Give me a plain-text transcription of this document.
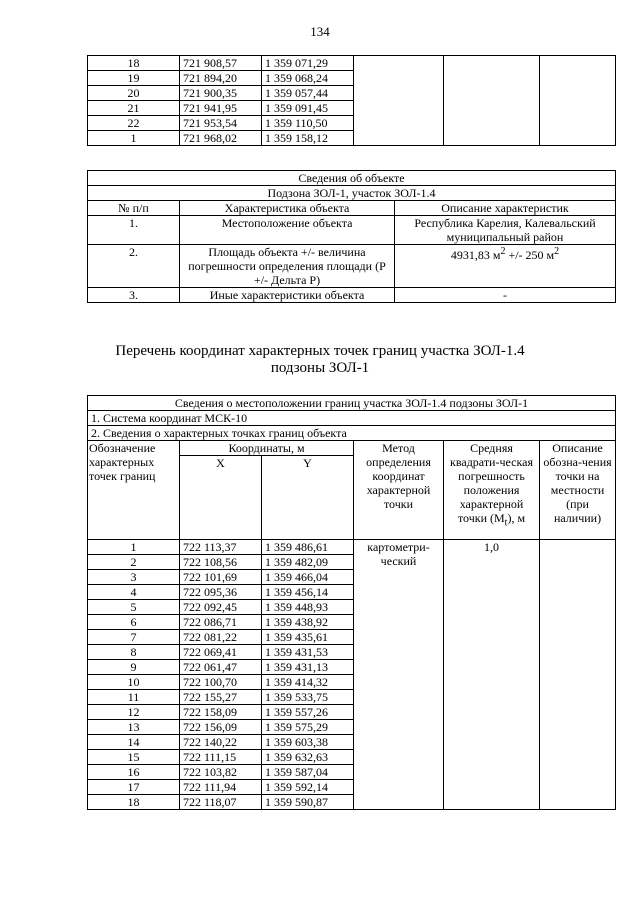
134
18	721 908,57	1 359 071,29			
19	721 894,20	1 359 068,24			
20	721 900,35	1 359 057,44			
21	721 941,95	1 359 091,45			
22	721 953,54	1 359 110,50			
1	721 968,02	1 359 158,12			
Сведения об объекте		
Подзона ЗОЛ-1, участок ЗОЛ-1.4		
№ п/п	Характеристика объекта	Описание характеристик
1.	Местоположение объекта	Республика Карелия, Калевальский муниципальный район
2.	Площадь объекта +/- величина погрешности определения площади (P +/- Дельта P)	4931,83 $м^2$ +/- 250 $м^2$
3.	Иные характеристики объекта	-
Перечень координат характерных точек границ участка ЗОЛ-1.4
подзоны ЗОЛ-1
Сведения о местоположении границ участка ЗОЛ-1.4 подзоны ЗОЛ-1					
1. Система координат МСК-10					
2. Сведения о характерных точках границ объекта					
Обозначение характерных точек границ	Координаты, м		Метод определения координат характерной точки	Средняя квадрати-ческая погрешность положения характерной точки $(M_t)$, м	Описание обозна-чения точки на местности (при наличии)
	X	Y			
1	722 113,37	1 359 486,61	картометри-ческий	1,0	
2	722 108,56	1 359 482,09			
3	722 101,69	1 359 466,04			
4	722 095,36	1 359 456,14			
5	722 092,45	1 359 448,93			
6	722 086,71	1 359 438,92			
7	722 081,22	1 359 435,61			
8	722 069,41	1 359 431,53			
9	722 061,47	1 359 431,13			
10	722 100,70	1 359 414,32			
11	722 155,27	1 359 533,75			
12	722 158,09	1 359 557,26			
13	722 156,09	1 359 575,29			
14	722 140,22	1 359 603,38			
15	722 111,15	1 359 632,63			
16	722 103,82	1 359 587,04			
17	722 111,94	1 359 592,14			
18	722 118,07	1 359 590,87			
